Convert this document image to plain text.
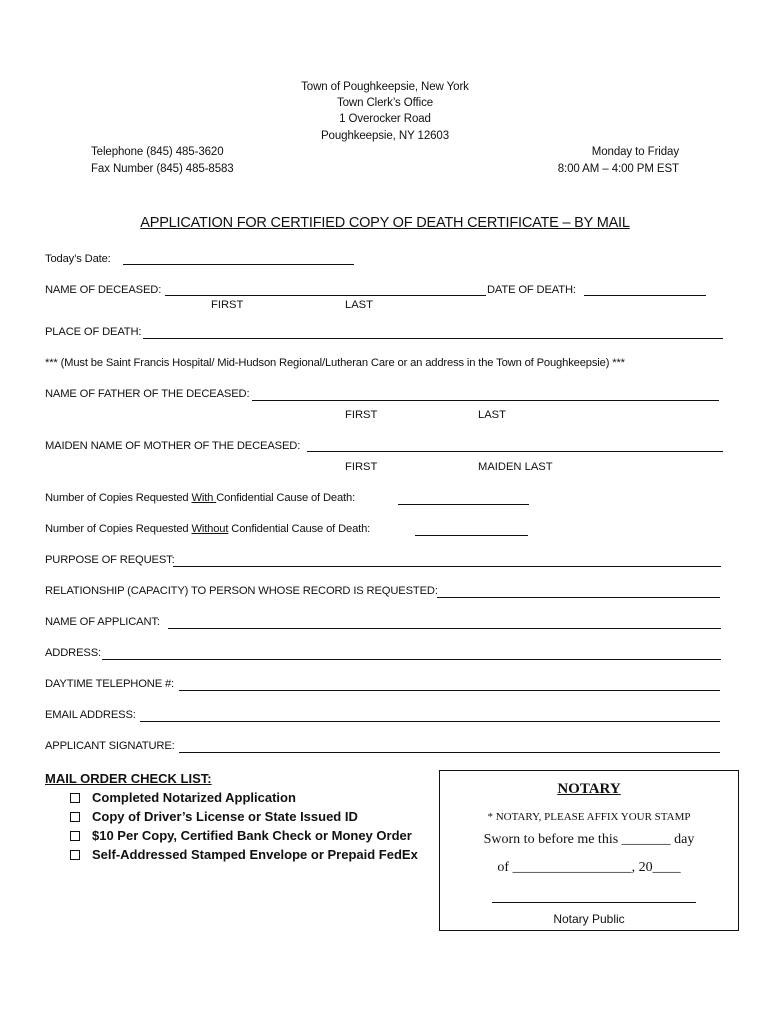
Town of Poughkeepsie, New York
Town Clerk’s Office
1 Overocker Road
Poughkeepsie, NY 12603
Telephone (845) 485-3620
Fax Number (845) 485-8583
Monday to Friday
8:00 AM – 4:00 PM EST
APPLICATION FOR CERTIFIED COPY OF DEATH CERTIFICATE – BY MAIL
Today’s Date:
NAME OF DECEASED:	DATE OF DEATH:
FIRST	LAST
PLACE OF DEATH:
*** (Must be Saint Francis Hospital/ Mid-Hudson Regional/Lutheran Care or an address in the Town of Poughkeepsie) ***
NAME OF FATHER OF THE DECEASED:
FIRST	LAST
MAIDEN NAME OF MOTHER OF THE DECEASED:
FIRST	MAIDEN LAST
Number of Copies Requested With Confidential Cause of Death:
Number of Copies Requested Without Confidential Cause of Death:
PURPOSE OF REQUEST:
RELATIONSHIP (CAPACITY) TO PERSON WHOSE RECORD IS REQUESTED:
NAME OF APPLICANT:
ADDRESS:
DAYTIME TELEPHONE #:
EMAIL ADDRESS:
APPLICANT SIGNATURE:
MAIL ORDER CHECK LIST:
Completed Notarized Application
Copy of Driver’s License or State Issued ID
$10 Per Copy, Certified Bank Check or Money Order
Self-Addressed Stamped Envelope or Prepaid FedEx
NOTARY
* NOTARY, PLEASE AFFIX YOUR STAMP
Sworn to before me this _______ day
of _________________, 20____
Notary Public
